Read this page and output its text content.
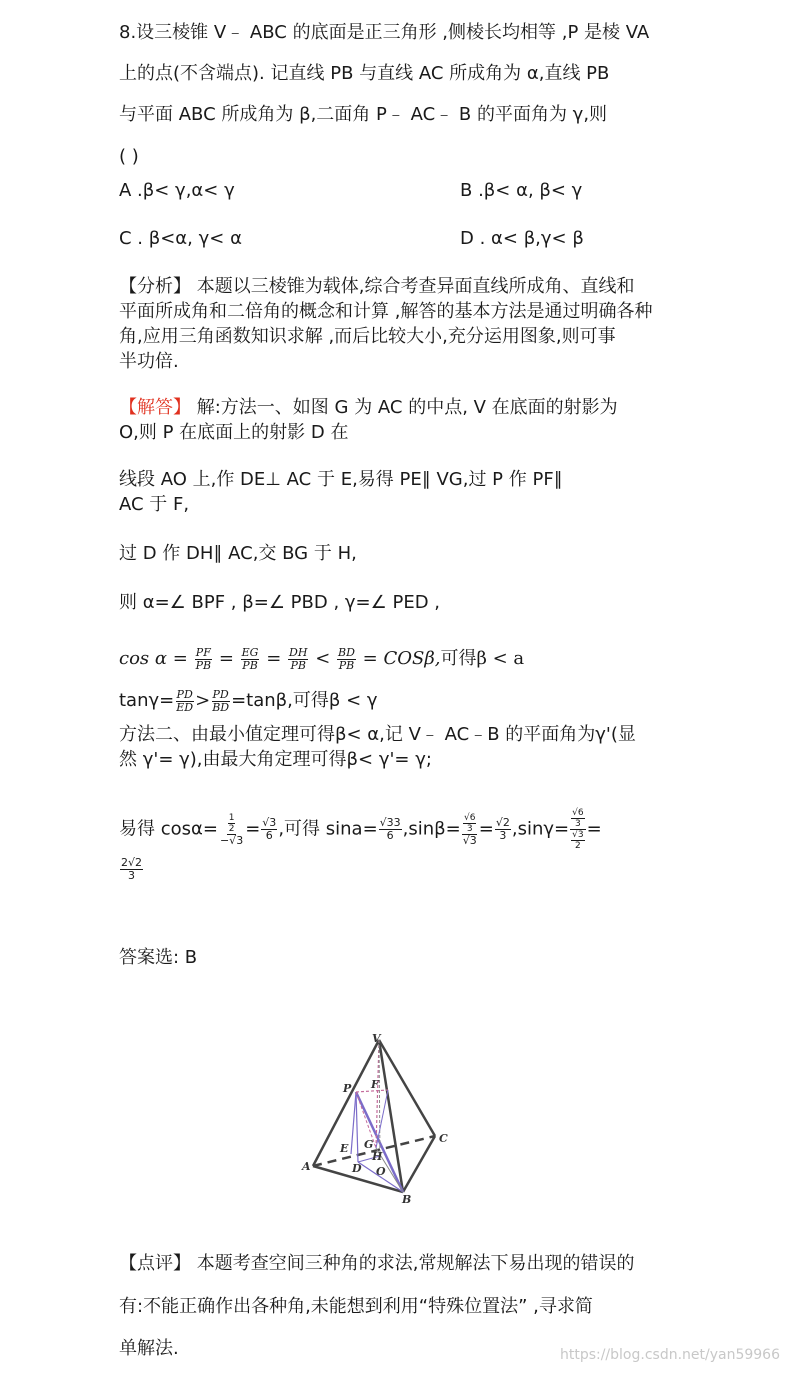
8.设三棱锥 V﹣ ABC 的底面是正三角形 ,侧棱长均相等 ,P 是棱 VA
上的点(不含端点). 记直线 PB 与直线 AC 所成角为 α,直线 PB
与平面 ABC 所成角为 β,二面角 P﹣ AC﹣ B 的平面角为 γ,则
( )
A .β< γ,α< γ	B .β< α, β< γ
C . β<α, γ< α	D . α< β,γ< β
【分析】 本题以三棱锥为载体,综合考查异面直线所成角、直线和
平面所成角和二倍角的概念和计算 ,解答的基本方法是通过明确各种
角,应用三角函数知识求解 ,而后比较大小,充分运用图象,则可事
半功倍.
【解答】 解:方法一、如图 G 为 AC 的中点, V 在底面的射影为
O,则 P 在底面上的射影 D 在
线段 AO 上,作 DE⊥ AC 于 E,易得 PE∥ VG,过 P 作 PF∥
AC 于 F,
过 D 作 DH∥ AC,交 BG 于 H,
则 α=∠ BPF , β=∠ PBD , γ=∠ PED ,
$\cos \alpha = \frac{PF}{PB} = \frac{EG}{PB} = \frac{DH}{PB} < \frac{BD}{PB} = COS\beta$,可得β < a
$\tan\gamma= \frac{PD}{ED} > \frac{PD}{BD} =\tan\beta$,可得β < γ
方法二、由最小值定理可得β< α,记 V﹣ AC﹣B 的平面角为γ'(显
然 γ'= γ),由最大角定理可得β< γ'= γ;
易得 $\cos\alpha= \frac{\frac{1}{2}}{-√3} = \frac{√3}{6}$ ,可得 $\sin a= \frac{√33}{6} ,\sin\beta= \frac{\frac{√6}{3}}{√3} = \frac{√2}{3} ,\sin\gamma= \frac{\frac{√6}{3}}{\frac{√3}{2}}$ =
$\frac{2√2}{3}$
答案选: B
V
F
P
C
E G
H
D O
A
B
【点评】 本题考查空间三种角的求法,常规解法下易出现的错误的
有:不能正确作出各种角,未能想到利用“特殊位置法” ,寻求简
单解法.	https://blog.csdn.net/yan59966
